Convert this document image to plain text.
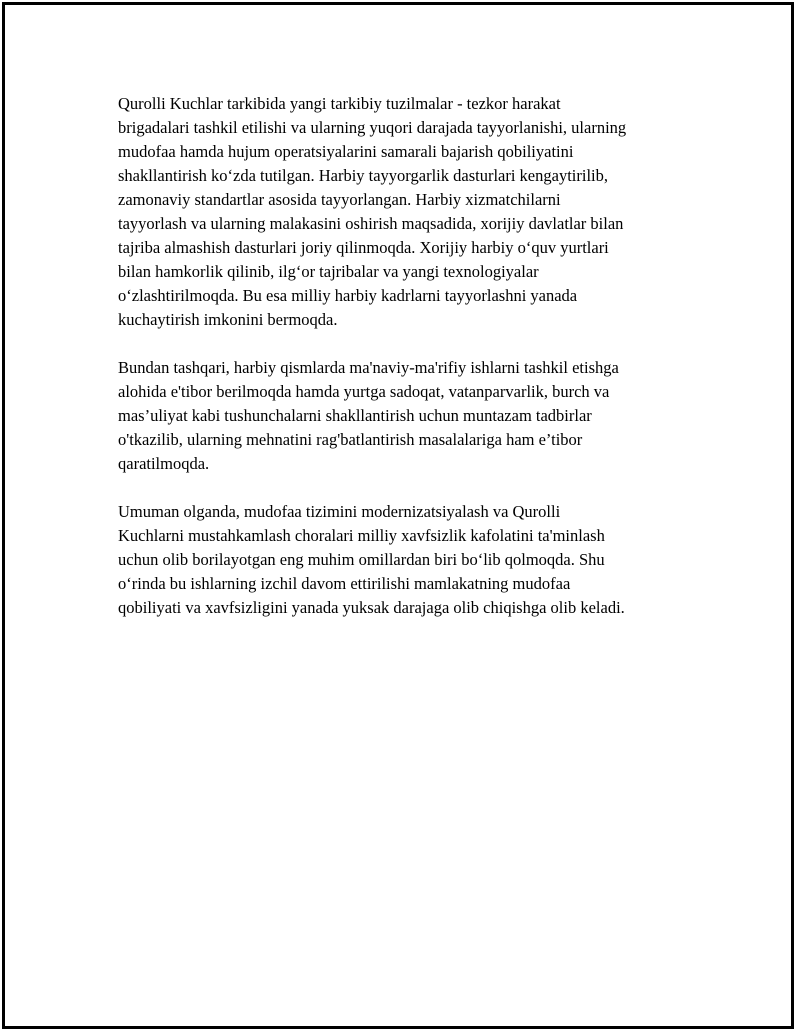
Qurolli Kuchlar tarkibida yangi tarkibiy tuzilmalar - tezkor harakat
brigadalari tashkil etilishi va ularning yuqori darajada tayyorlanishi, ularning
mudofaa hamda hujum operatsiyalarini samarali bajarish qobiliyatini
shakllantirish ko‘zda tutilgan. Harbiy tayyorgarlik dasturlari kengaytirilib,
zamonaviy standartlar asosida tayyorlangan. Harbiy xizmatchilarni
tayyorlash va ularning malakasini oshirish maqsadida, xorijiy davlatlar bilan
tajriba almashish dasturlari joriy qilinmoqda. Xorijiy harbiy o‘quv yurtlari
bilan hamkorlik qilinib, ilg‘or tajribalar va yangi texnologiyalar
o‘zlashtirilmoqda. Bu esa milliy harbiy kadrlarni tayyorlashni yanada
kuchaytirish imkonini bermoqda.

Bundan tashqari, harbiy qismlarda ma'naviy-ma'rifiy ishlarni tashkil etishga
alohida e'tibor berilmoqda hamda yurtga sadoqat, vatanparvarlik, burch va
mas’uliyat kabi tushunchalarni shakllantirish uchun muntazam tadbirlar
o'tkazilib, ularning mehnatini rag'batlantirish masalalariga ham e’tibor
qaratilmoqda.

Umuman olganda, mudofaa tizimini modernizatsiyalash va Qurolli
Kuchlarni mustahkamlash choralari milliy xavfsizlik kafolatini ta'minlash
uchun olib borilayotgan eng muhim omillardan biri bo‘lib qolmoqda. Shu
o‘rinda bu ishlarning izchil davom ettirilishi mamlakatning mudofaa
qobiliyati va xavfsizligini yanada yuksak darajaga olib chiqishga olib keladi.
